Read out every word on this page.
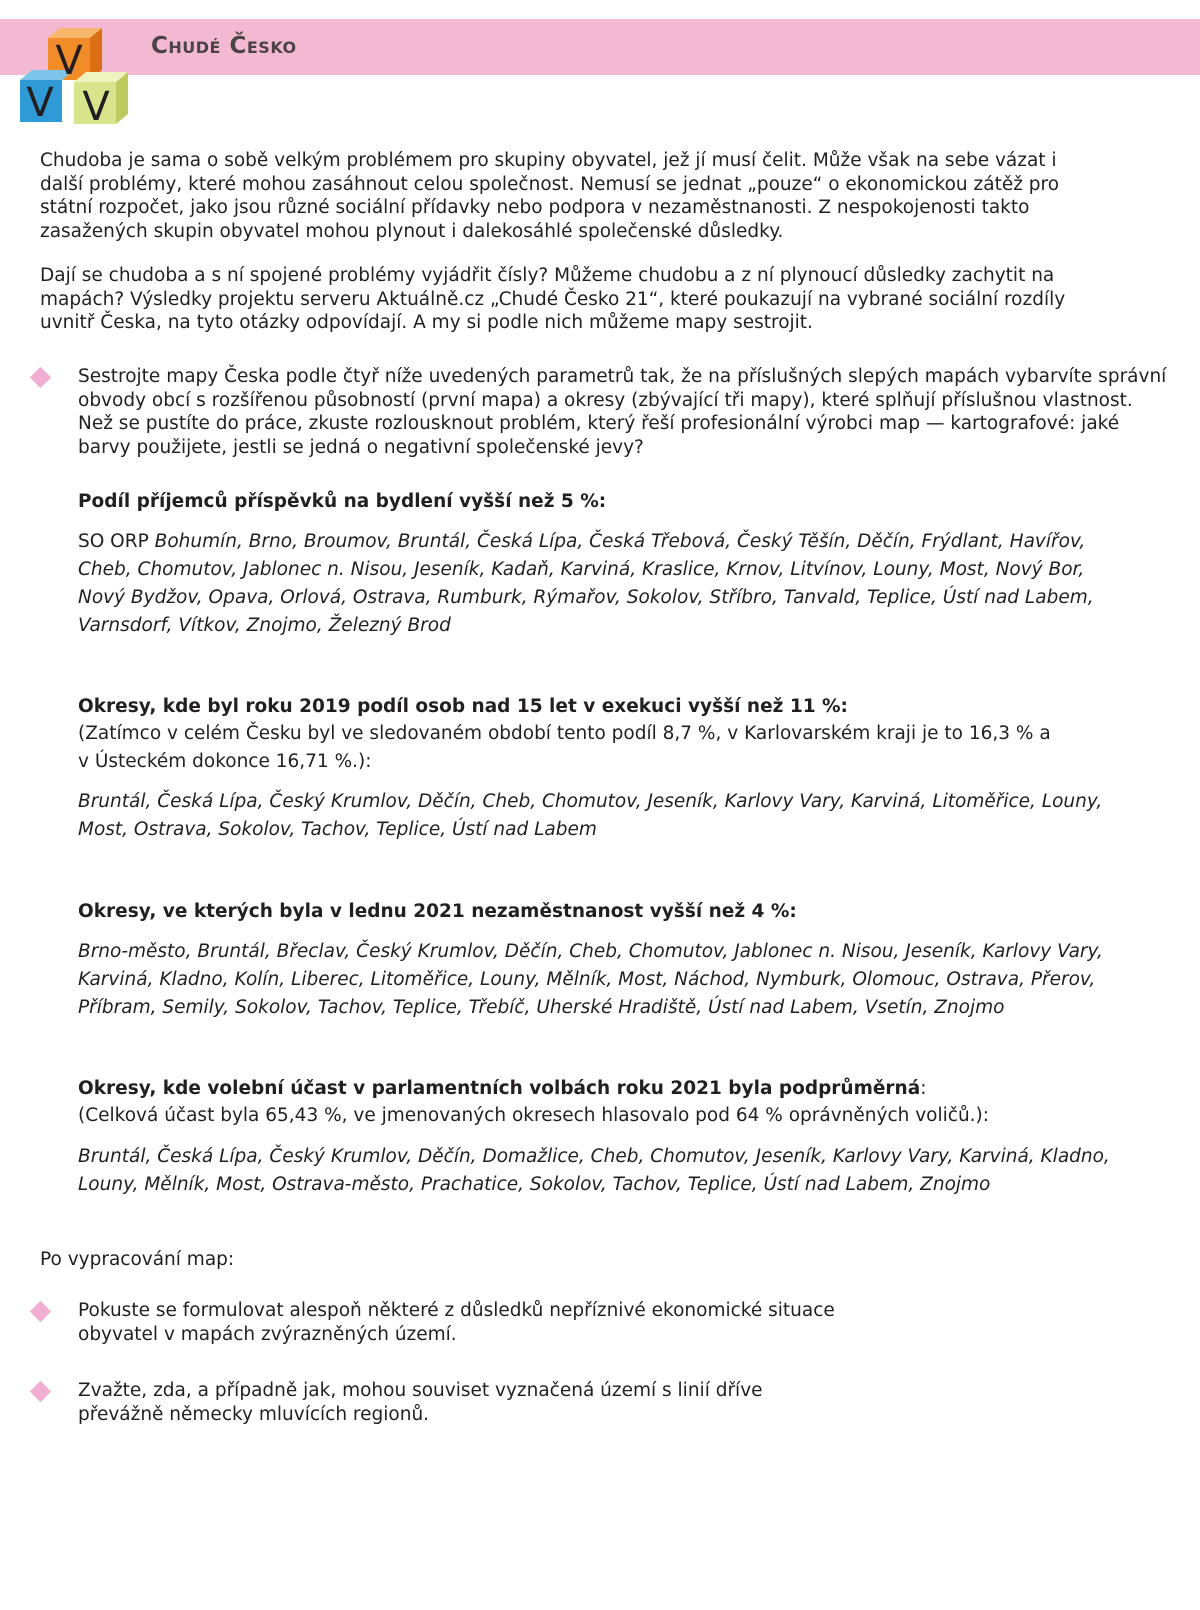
V
V V
Chudé Česko

Chudoba je sama o sobě velkým problémem pro skupiny obyvatel, jež jí musí čelit. Může však na sebe vázat i další problémy, které mohou zasáhnout celou společnost. Nemusí se jednat „pouze“ o ekonomickou zátěž pro státní rozpočet, jako jsou různé sociální přídavky nebo podpora v nezaměstnanosti. Z nespokojenosti takto zasažených skupin obyvatel mohou plynout i dalekosáhlé společenské důsledky.

Dají se chudoba a s ní spojené problémy vyjádřit čísly? Můžeme chudobu a z ní plynoucí důsledky zachytit na mapách? Výsledky projektu serveru Aktuálně.cz „Chudé Česko 21“, které poukazují na vybrané sociální rozdíly uvnitř Česka, na tyto otázky odpovídají. A my si podle nich můžeme mapy sestrojit.

Sestrojte mapy Česka podle čtyř níže uvedených parametrů tak, že na příslušných slepých mapách vybarvíte správní obvody obcí s rozšířenou působností (první mapa) a okresy (zbývající tři mapy), které splňují příslušnou vlastnost. Než se pustíte do práce, zkuste rozlousknout problém, který řeší profesionální výrobci map — kartografové: jaké barvy použijete, jestli se jedná o negativní společenské jevy?

Podíl příjemců příspěvků na bydlení vyšší než 5 %:

SO ORP Bohumín, Brno, Broumov, Bruntál, Česká Lípa, Česká Třebová, Český Těšín, Děčín, Frýdlant, Havířov, Cheb, Chomutov, Jablonec n. Nisou, Jeseník, Kadaň, Karviná, Kraslice, Krnov, Litvínov, Louny, Most, Nový Bor, Nový Bydžov, Opava, Orlová, Ostrava, Rumburk, Rýmařov, Sokolov, Stříbro, Tanvald, Teplice, Ústí nad Labem, Varnsdorf, Vítkov, Znojmo, Železný Brod

Okresy, kde byl roku 2019 podíl osob nad 15 let v exekuci vyšší než 11 %:

(Zatímco v celém Česku byl ve sledovaném období tento podíl 8,7 %, v Karlovarském kraji je to 16,3 % a v Ústeckém dokonce 16,71 %.):

Bruntál, Česká Lípa, Český Krumlov, Děčín, Cheb, Chomutov, Jeseník, Karlovy Vary, Karviná, Litoměřice, Louny, Most, Ostrava, Sokolov, Tachov, Teplice, Ústí nad Labem

Okresy, ve kterých byla v lednu 2021 nezaměstnanost vyšší než 4 %:

Brno-město, Bruntál, Břeclav, Český Krumlov, Děčín, Cheb, Chomutov, Jablonec n. Nisou, Jeseník, Karlovy Vary, Karviná, Kladno, Kolín, Liberec, Litoměřice, Louny, Mělník, Most, Náchod, Nymburk, Olomouc, Ostrava, Přerov, Příbram, Semily, Sokolov, Tachov, Teplice, Třebíč, Uherské Hradiště, Ústí nad Labem, Vsetín, Znojmo

Okresy, kde volební účast v parlamentních volbách roku 2021 byla podprůměrná:

(Celková účast byla 65,43 %, ve jmenovaných okresech hlasovalo pod 64 % oprávněných voličů.):

Bruntál, Česká Lípa, Český Krumlov, Děčín, Domažlice, Cheb, Chomutov, Jeseník, Karlovy Vary, Karviná, Kladno, Louny, Mělník, Most, Ostrava-město, Prachatice, Sokolov, Tachov, Teplice, Ústí nad Labem, Znojmo

Po vypracování map:

Pokuste se formulovat alespoň některé z důsledků nepříznivé ekonomické situace obyvatel v mapách zvýrazněných území.

Zvažte, zda, a případně jak, mohou souviset vyznačená území s linií dříve převážně německy mluvících regionů.
